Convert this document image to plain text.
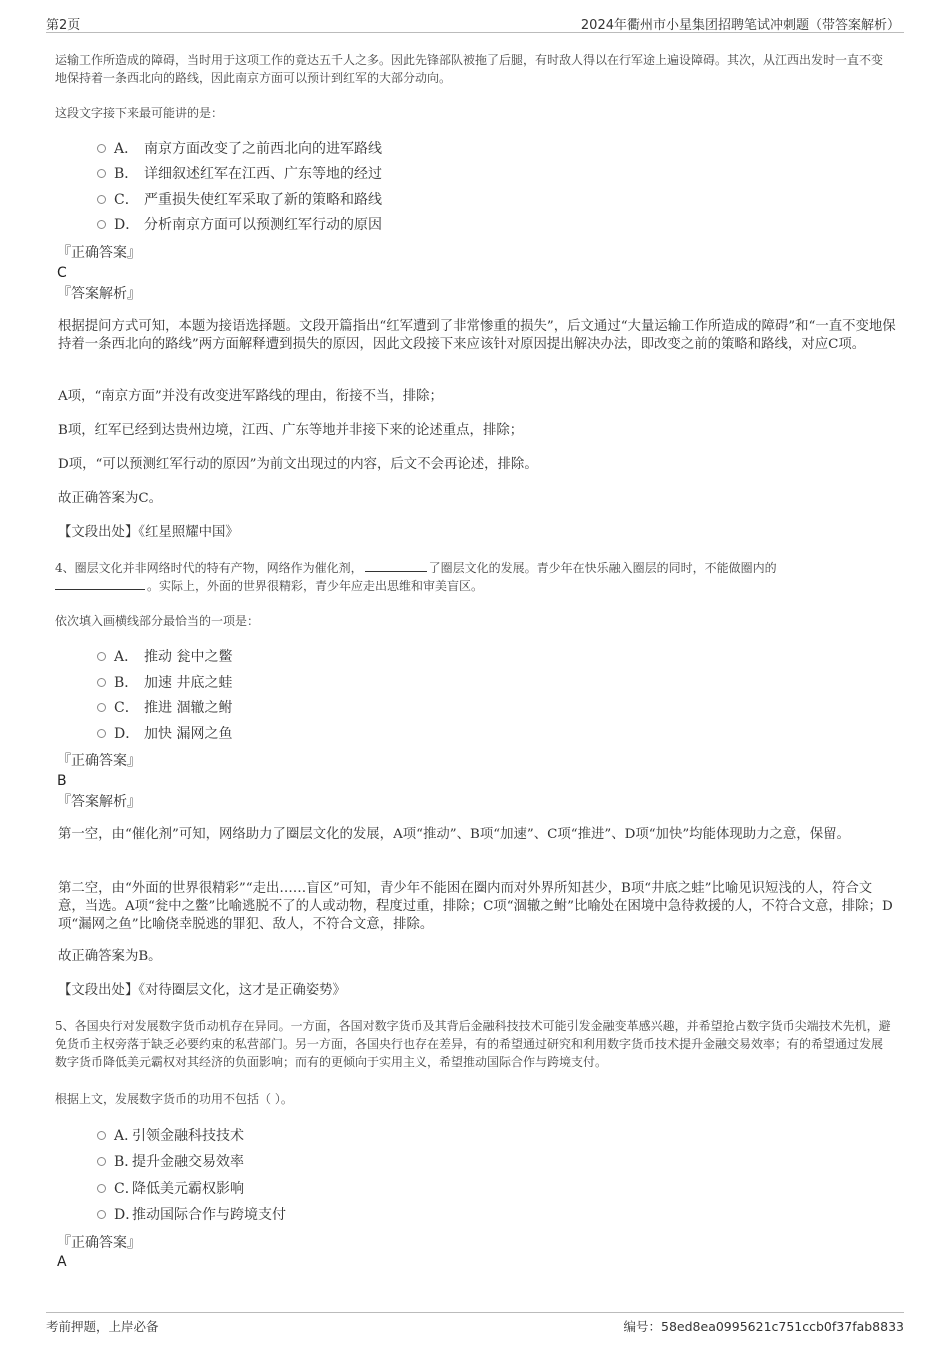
第2页	2024年衢州市小星集团招聘笔试冲刺题（带答案解析）
运输工作所造成的障碍，当时用于这项工作的竟达五千人之多。因此先锋部队被拖了后腿，有时敌人得以在行军途上遍设障碍。其次，从江西出发时一直不变地保持着一条西北向的路线，因此南京方面可以预计到红军的大部分动向。
这段文字接下来最可能讲的是：
A． 南京方面改变了之前西北向的进军路线
B． 详细叙述红军在江西、广东等地的经过
C． 严重损失使红军采取了新的策略和路线
D． 分析南京方面可以预测红军行动的原因
『正确答案』
C
『答案解析』
根据提问方式可知，本题为接语选择题。文段开篇指出“红军遭到了非常惨重的损失”，后文通过“大量运输工作所造成的障碍”和“一直不变地保持着一条西北向的路线”两方面解释遭到损失的原因，因此文段接下来应该针对原因提出解决办法，即改变之前的策略和路线，对应C项。
A项，“南京方面”并没有改变进军路线的理由，衔接不当，排除；
B项，红军已经到达贵州边境，江西、广东等地并非接下来的论述重点，排除；
D项，“可以预测红军行动的原因”为前文出现过的内容，后文不会再论述，排除。
故正确答案为C。
【文段出处】《红星照耀中国》
4、圈层文化并非网络时代的特有产物，网络作为催化剂，	了圈层文化的发展。青少年在快乐融入圈层的同时，不能做圈内的
。实际上，外面的世界很精彩，青少年应走出思维和审美盲区。
依次填入画横线部分最恰当的一项是：
A． 推动 瓮中之鳖
B． 加速 井底之蛙
C． 推进 涸辙之鲋
D． 加快 漏网之鱼
『正确答案』
B
『答案解析』
第一空，由“催化剂”可知，网络助力了圈层文化的发展，A项“推动”、B项“加速”、C项“推进”、D项“加快”均能体现助力之意，保留。
第二空，由“外面的世界很精彩”“走出……盲区”可知，青少年不能困在圈内而对外界所知甚少，B项“井底之蛙”比喻见识短浅的人，符合文意，当选。A项“瓮中之鳖”比喻逃脱不了的人或动物，程度过重，排除；C项“涸辙之鲋”比喻处在困境中急待救援的人，不符合文意，排除；D项“漏网之鱼”比喻侥幸脱逃的罪犯、敌人，不符合文意，排除。
故正确答案为B。
【文段出处】《对待圈层文化，这才是正确姿势》
5、各国央行对发展数字货币动机存在异同。一方面，各国对数字货币及其背后金融科技技术可能引发金融变革感兴趣，并希望抢占数字货币尖端技术先机，避免货币主权旁落于缺乏必要约束的私营部门。另一方面，各国央行也存在差异，有的希望通过研究和利用数字货币技术提升金融交易效率；有的希望通过发展数字货币降低美元霸权对其经济的负面影响；而有的更倾向于实用主义，希望推动国际合作与跨境支付。
根据上文，发展数字货币的功用不包括（ ）。
A．引领金融科技技术
B．提升金融交易效率
C．降低美元霸权影响
D．推动国际合作与跨境支付
『正确答案』
A
考前押题，上岸必备	编号：58ed8ea0995621c751ccb0f37fab8833
